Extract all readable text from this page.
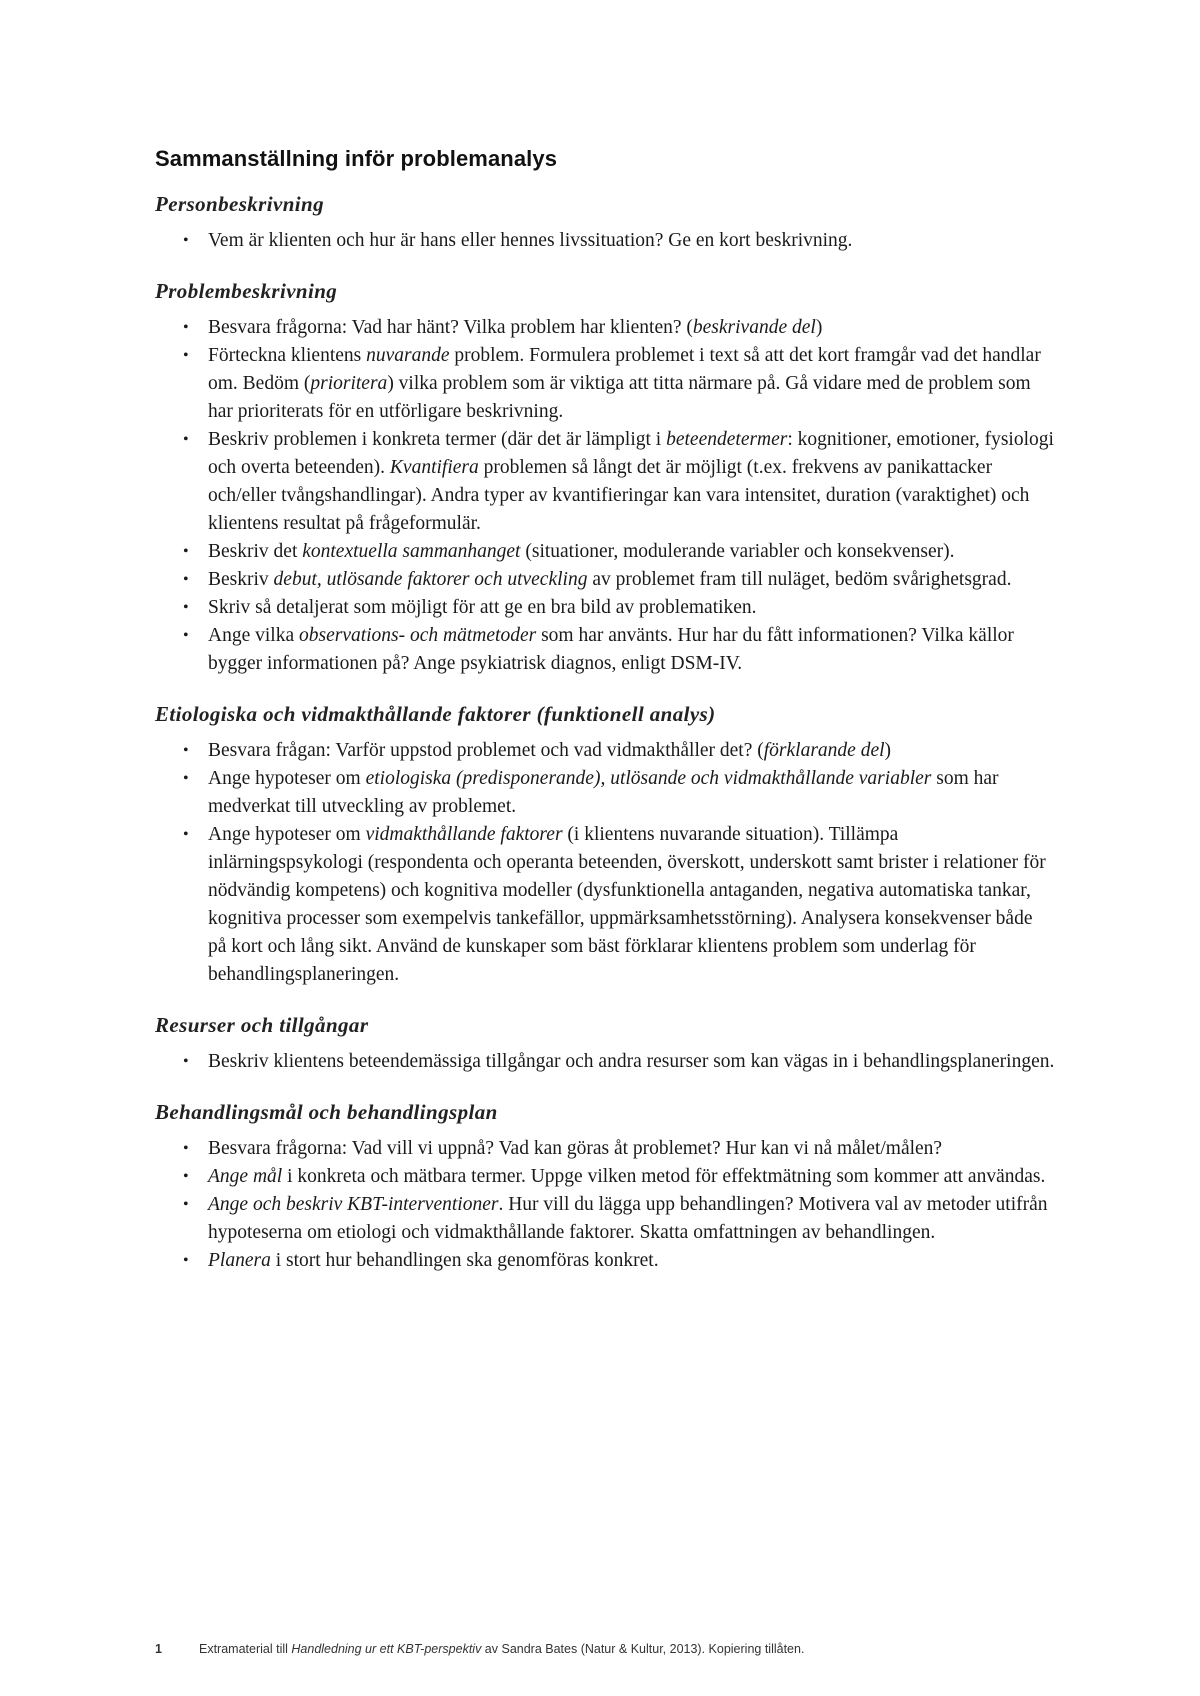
Sammanställning inför problemanalys
Personbeskrivning
• Vem är klienten och hur är hans eller hennes livssituation? Ge en kort beskrivning.
Problembeskrivning
• Besvara frågorna: Vad har hänt? Vilka problem har klienten? (beskrivande del)
• Förteckna klientens nuvarande problem. Formulera problemet i text så att det kort framgår vad det handlar om. Bedöm (prioritera) vilka problem som är viktiga att titta närmare på. Gå vidare med de problem som har prioriterats för en utförligare beskrivning.
• Beskriv problemen i konkreta termer (där det är lämpligt i beteendetermer: kognitioner, emotioner, fysiologi och overta beteenden). Kvantifiera problemen så långt det är möjligt (t.ex. frekvens av panikattacker och/eller tvångshandlingar). Andra typer av kvantifieringar kan vara intensitet, duration (varaktighet) och klientens resultat på frågeformulär.
• Beskriv det kontextuella sammanhanget (situationer, modulerande variabler och konsekvenser).
• Beskriv debut, utlösande faktorer och utveckling av problemet fram till nuläget, bedöm svårighetsgrad.
• Skriv så detaljerat som möjligt för att ge en bra bild av problematiken.
• Ange vilka observations- och mätmetoder som har använts. Hur har du fått informationen? Vilka källor bygger informationen på? Ange psykiatrisk diagnos, enligt DSM-IV.
Etiologiska och vidmakthållande faktorer (funktionell analys)
• Besvara frågan: Varför uppstod problemet och vad vidmakthåller det? (förklarande del)
• Ange hypoteser om etiologiska (predisponerande), utlösande och vidmakthållande variabler som har medverkat till utveckling av problemet.
• Ange hypoteser om vidmakthållande faktorer (i klientens nuvarande situation). Tillämpa inlärningspsykologi (respondenta och operanta beteenden, överskott, underskott samt brister i relationer för nödvändig kompetens) och kognitiva modeller (dysfunktionella antaganden, negativa automatiska tankar, kognitiva processer som exempelvis tankefällor, uppmärksamhetsstörning). Analysera konsekvenser både på kort och lång sikt. Använd de kunskaper som bäst förklarar klientens problem som underlag för behandlingsplaneringen.
Resurser och tillgångar
• Beskriv klientens beteendemässiga tillgångar och andra resurser som kan vägas in i behandlingsplaneringen.
Behandlingsmål och behandlingsplan
• Besvara frågorna: Vad vill vi uppnå? Vad kan göras åt problemet? Hur kan vi nå målet/målen?
• Ange mål i konkreta och mätbara termer. Uppge vilken metod för effektmätning som kommer att användas.
• Ange och beskriv KBT-interventioner. Hur vill du lägga upp behandlingen? Motivera val av metoder utifrån hypoteserna om etiologi och vidmakthållande faktorer. Skatta omfattningen av behandlingen.
• Planera i stort hur behandlingen ska genomföras konkret.
1	Extramaterial till Handledning ur ett KBT-perspektiv av Sandra Bates (Natur & Kultur, 2013). Kopiering tillåten.
